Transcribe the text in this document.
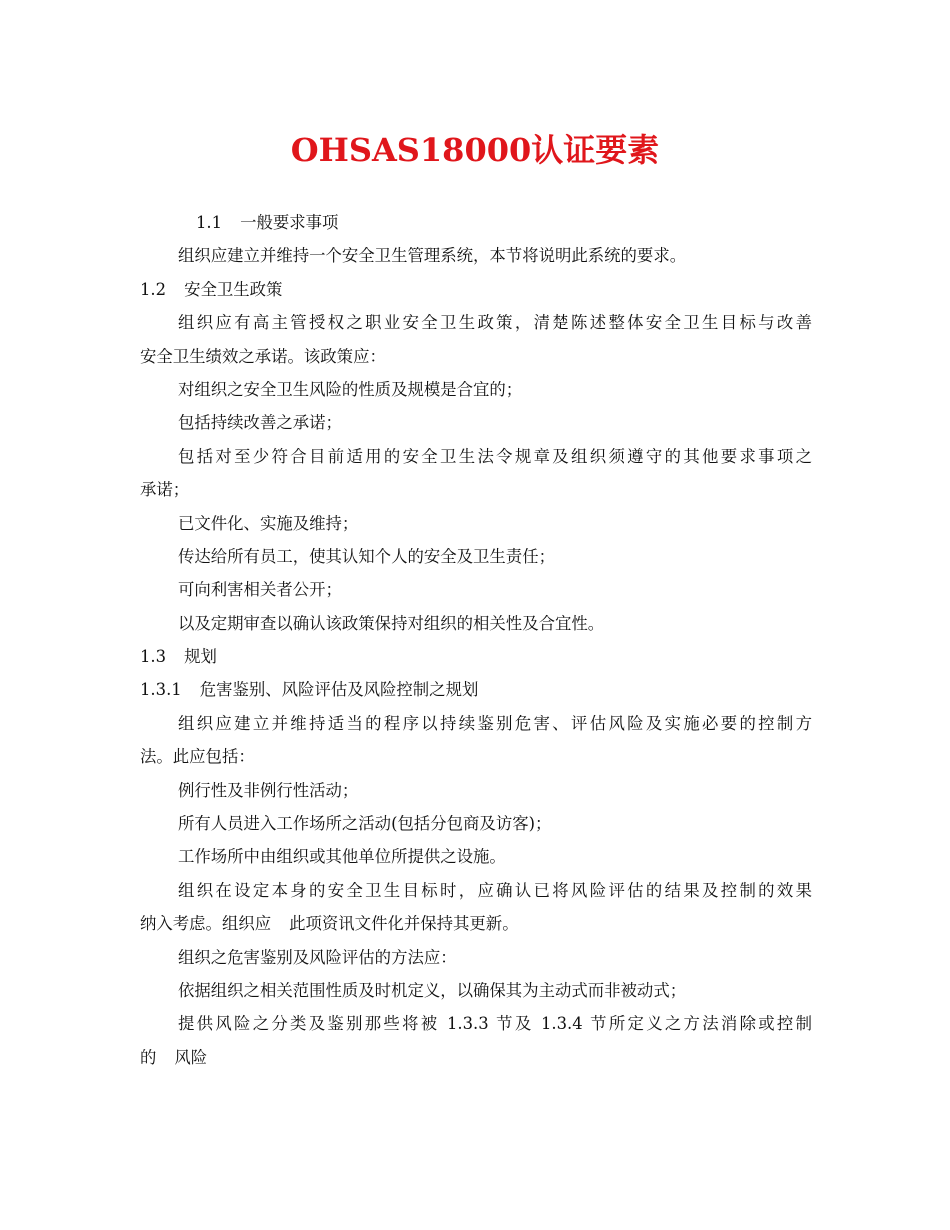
OHSAS18000认证要素
1.1 一般要求事项
组织应建立并维持一个安全卫生管理系统，本节将说明此系统的要求。
1.2 安全卫生政策
组织应有高主管授权之职业安全卫生政策，清楚陈述整体安全卫生目标与改善
安全卫生绩效之承诺。该政策应：
对组织之安全卫生风险的性质及规模是合宜的；
包括持续改善之承诺；
包括对至少符合目前适用的安全卫生法令规章及组织须遵守的其他要求事项之
承诺；
已文件化、实施及维持；
传达给所有员工，使其认知个人的安全及卫生责任；
可向利害相关者公开；
以及定期审查以确认该政策保持对组织的相关性及合宜性。
1.3 规划
1.3.1 危害鉴别、风险评估及风险控制之规划
组织应建立并维持适当的程序以持续鉴别危害、评估风险及实施必要的控制方
法。此应包括：
例行性及非例行性活动；
所有人员进入工作场所之活动(包括分包商及访客)；
工作场所中由组织或其他单位所提供之设施。
组织在设定本身的安全卫生目标时，应确认已将风险评估的结果及控制的效果
纳入考虑。组织应 此项资讯文件化并保持其更新。
组织之危害鉴别及风险评估的方法应：
依据组织之相关范围性质及时机定义，以确保其为主动式而非被动式；
提供风险之分类及鉴别那些将被 1.3.3 节及 1.3.4 节所定义之方法消除或控制
的 风险
